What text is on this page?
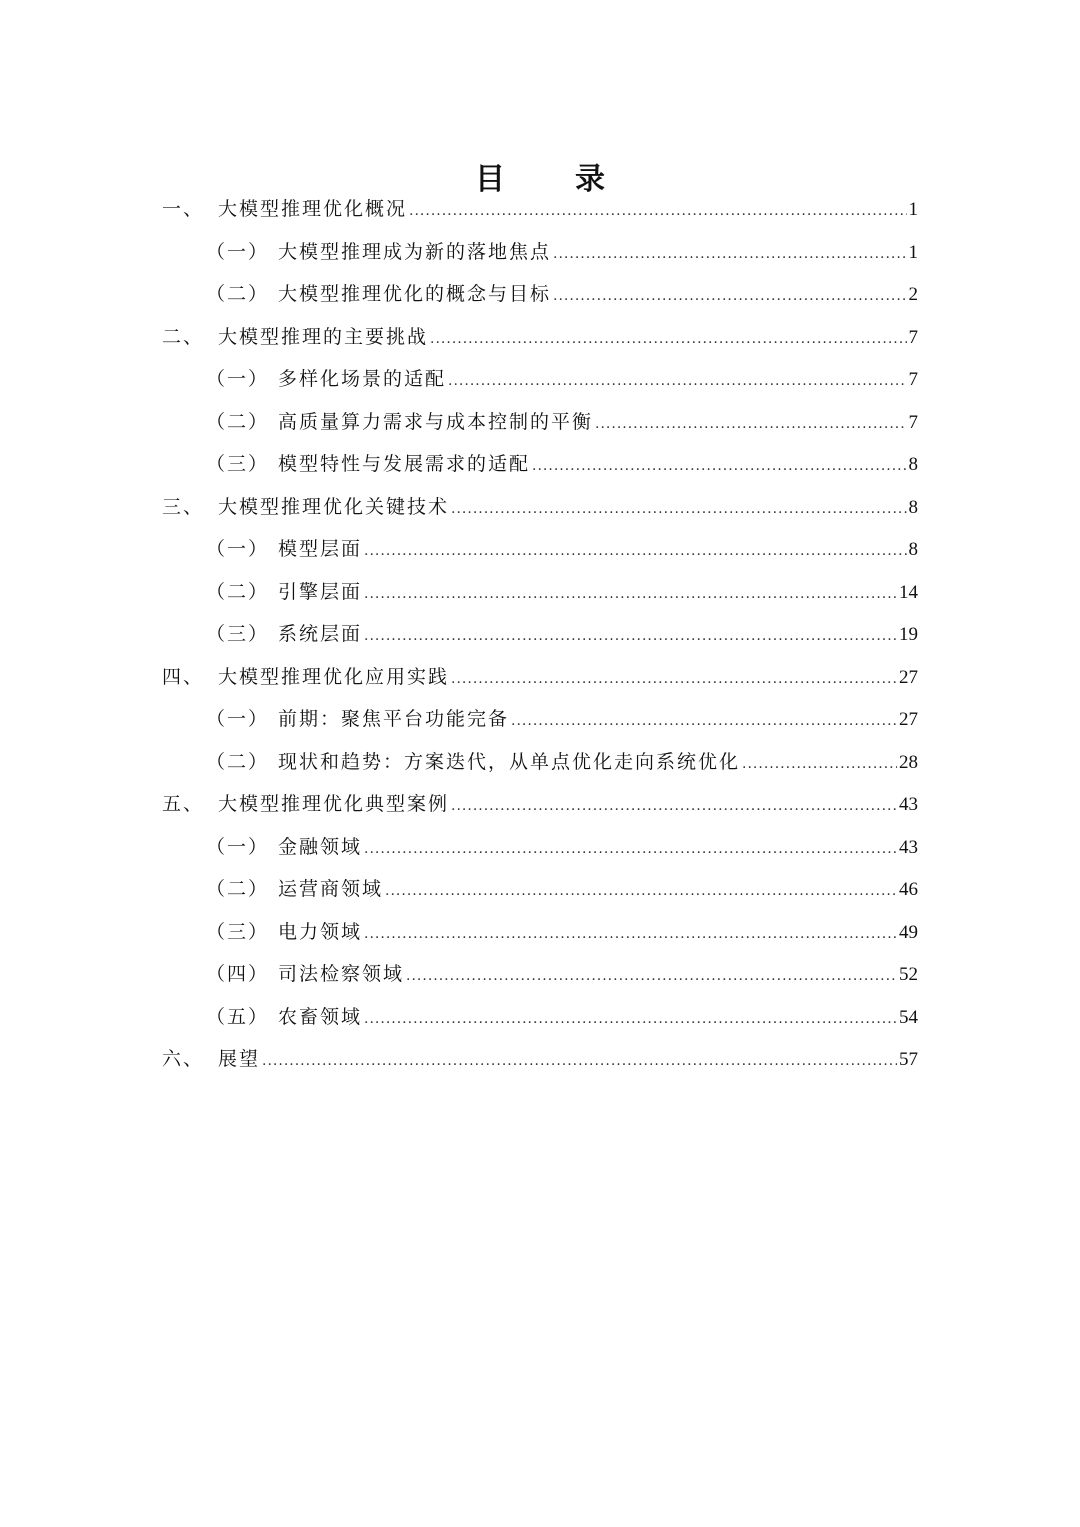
目 录
一、 大模型推理优化概况 .....	1
（一） 大模型推理成为新的落地焦点 .....	1
（二） 大模型推理优化的概念与目标 .....	2
二、 大模型推理的主要挑战 .....	7
（一） 多样化场景的适配 .....	7
（二） 高质量算力需求与成本控制的平衡 .....	7
（三） 模型特性与发展需求的适配 .....	8
三、 大模型推理优化关键技术 .....	8
（一） 模型层面 .....	8
（二） 引擎层面 .....	14
（三） 系统层面 .....	19
四、 大模型推理优化应用实践 .....	27
（一） 前期：聚焦平台功能完备 .....	27
（二） 现状和趋势：方案迭代，从单点优化走向系统优化 .....	28
五、 大模型推理优化典型案例 .....	43
（一） 金融领域 .....	43
（二） 运营商领域 .....	46
（三） 电力领域 .....	49
（四） 司法检察领域 .....	52
（五） 农畜领域 .....	54
六、 展望 .....	57
